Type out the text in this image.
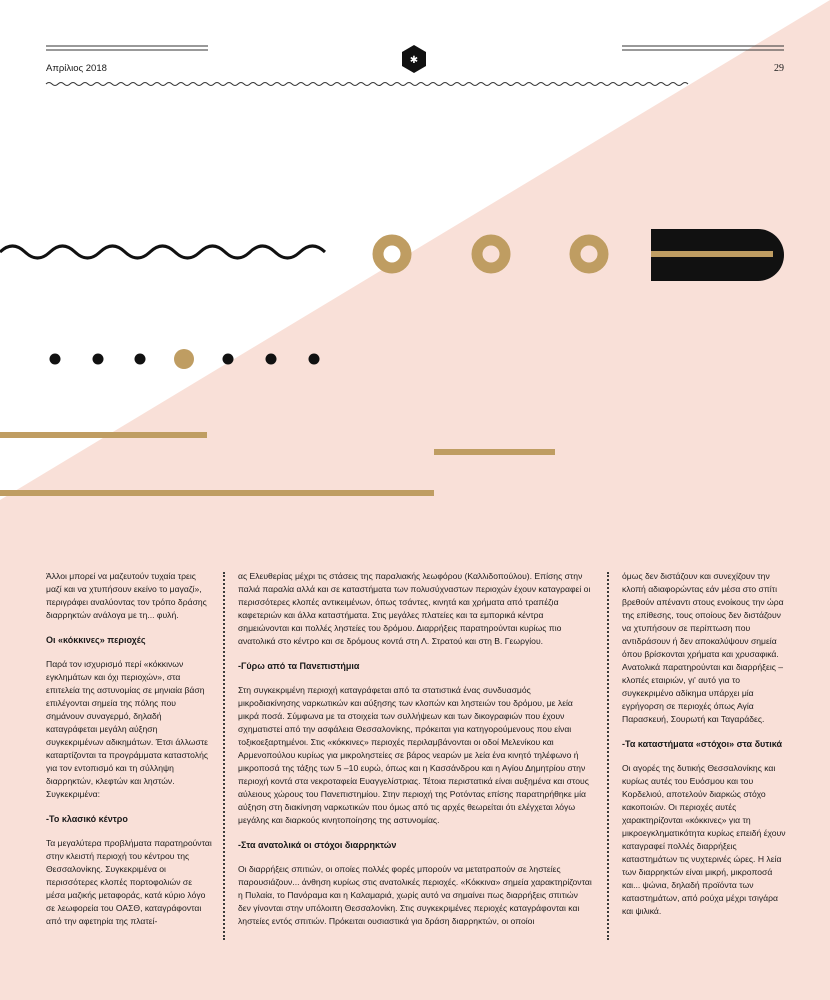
✱
Απρίλιος 2018	29

Άλλοι μπορεί να μαζευτούν τυχαία τρεις μαζί και να χτυπήσουν εκείνο το μαγαζί», περιγράφει αναλύοντας τον τρόπο δράσης διαρρηκτών ανάλογα με τη... φυλή.

Οι «κόκκινες» περιοχές

Παρά τον ισχυρισμό περί «κόκκινων εγκλημάτων και όχι περιοχών», στα επιτελεία της αστυνομίας σε μηνιαία βάση επιλέγονται σημεία της πόλης που σημάνουν συναγερμό, δηλαδή καταγράφεται μεγάλη αύξηση συγκεκριμένων αδικημάτων. Έτσι άλλωστε καταρτίζονται τα προγράμματα καταστολής για τον εντοπισμό και τη σύλληψη διαρρηκτών, κλεφτών και ληστών. Συγκεκριμένα:

-Το κλασικό κέντρο

Τα μεγαλύτερα προβλήματα παρατηρούνται στην κλειστή περιοχή του κέντρου της Θεσσαλονίκης. Συγκεκριμένα οι περισσότερες κλοπές πορτοφολιών σε μέσα μαζικής μεταφοράς, κατά κύριο λόγο σε λεωφορεία του ΟΑΣΘ, καταγράφονται από την αφετηρία της πλατεί-

ας Ελευθερίας μέχρι τις στάσεις της παραλιακής λεωφόρου (Καλλιδοπούλου). Επίσης στην παλιά παραλία αλλά και σε καταστήματα των πολυσύχναστων περιοχών έχουν καταγραφεί οι περισσότερες κλοπές αντικειμένων, όπως τσάντες, κινητά και χρήματα από τραπέζια καφετεριών και άλλα καταστήματα. Στις μεγάλες πλατείες και τα εμπορικά κέντρα σημειώνονται και πολλές ληστείες του δρόμου. Διαρρήξεις παρατηρούνται κυρίως πιο ανατολικά στο κέντρο και σε δρόμους κοντά στη Λ. Στρατού και στη Β. Γεωργίου.

-Γύρω από τα Πανεπιστήμια

Στη συγκεκριμένη περιοχή καταγράφεται από τα στατιστικά ένας συνδυασμός μικροδιακίνησης ναρκωτικών και αύξησης των κλοπών και ληστειών του δρόμου, με λεία μικρά ποσά. Σύμφωνα με τα στοιχεία των συλλήψεων και των δικογραφιών που έχουν σχηματιστεί από την ασφάλεια Θεσσαλονίκης, πρόκειται για κατηγορούμενους που είναι τοξικοεξαρτημένοι. Στις «κόκκινες» περιοχές περιλαμβάνονται οι οδοί Μελενίκου και Αρμενοπούλου κυρίως για μικροληστείες σε βάρος νεαρών με λεία ένα κινητό τηλέφωνο ή μικροποσά της τάξης των 5 –10 ευρώ, όπως και η Κασσάνδρου και η Αγίου Δημητρίου στην περιοχή κοντά στα νεκροταφεία Ευαγγελίστριας. Τέτοια περιστατικά είναι αυξημένα και στους αύλειους χώρους του Πανεπιστημίου. Στην περιοχή της Ροτόντας επίσης παρατηρήθηκε μία αύξηση στη διακίνηση ναρκωτικών που όμως από τις αρχές θεωρείται ότι ελέγχεται λόγω μεγάλης και διαρκούς κινητοποίησης της αστυνομίας.

-Στα ανατολικά οι στόχοι διαρρηκτών

Οι διαρρήξεις σπιτιών, οι οποίες πολλές φορές μπορούν να μετατραπούν σε ληστείες παρουσιάζουν... άνθηση κυρίως στις ανατολικές περιοχές. «Κόκκινα» σημεία χαρακτηρίζονται η Πυλαία, το Πανόραμα και η Καλαμαριά, χωρίς αυτό να σημαίνει πως διαρρήξεις σπιτιών δεν γίνονται στην υπόλοιπη Θεσσαλονίκη. Στις συγκεκριμένες περιοχές καταγράφονται και ληστείες εντός σπιτιών. Πρόκειται ουσιαστικά για δράση διαρρηκτών, οι οποίοι

όμως δεν διστάζουν και συνεχίζουν την κλοπή αδιαφορώντας εάν μέσα στο σπίτι βρεθούν απέναντι στους ενοίκους την ώρα της επίθεσης, τους οποίους δεν διστάζουν να χτυπήσουν σε περίπτωση που αντιδράσουν ή δεν αποκαλύψουν σημεία όπου βρίσκονται χρήματα και χρυσαφικά.

Ανατολικά παρατηρούνται και διαρρήξεις –κλοπές εταιριών, γι' αυτό για το συγκεκριμένο αδίκημα υπάρχει μία εγρήγορση σε περιοχές όπως Αγία Παρασκευή, Σουρωτή και Ταγαράδες.

-Τα καταστήματα «στόχοι» στα δυτικά

Οι αγορές της δυτικής Θεσσαλονίκης και κυρίως αυτές του Ευόσμου και του Κορδελιού, αποτελούν διαρκώς στόχο κακοποιών. Οι περιοχές αυτές χαρακτηρίζονται «κόκκινες» για τη μικροεγκληματικότητα κυρίως επειδή έχουν καταγραφεί πολλές διαρρήξεις καταστημάτων τις νυχτερινές ώρες. Η λεία των διαρρηκτών είναι μικρή, μικροποσά και... ψώνια, δηλαδή προϊόντα των καταστημάτων, από ρούχα μέχρι τσιγάρα και ψιλικά.
